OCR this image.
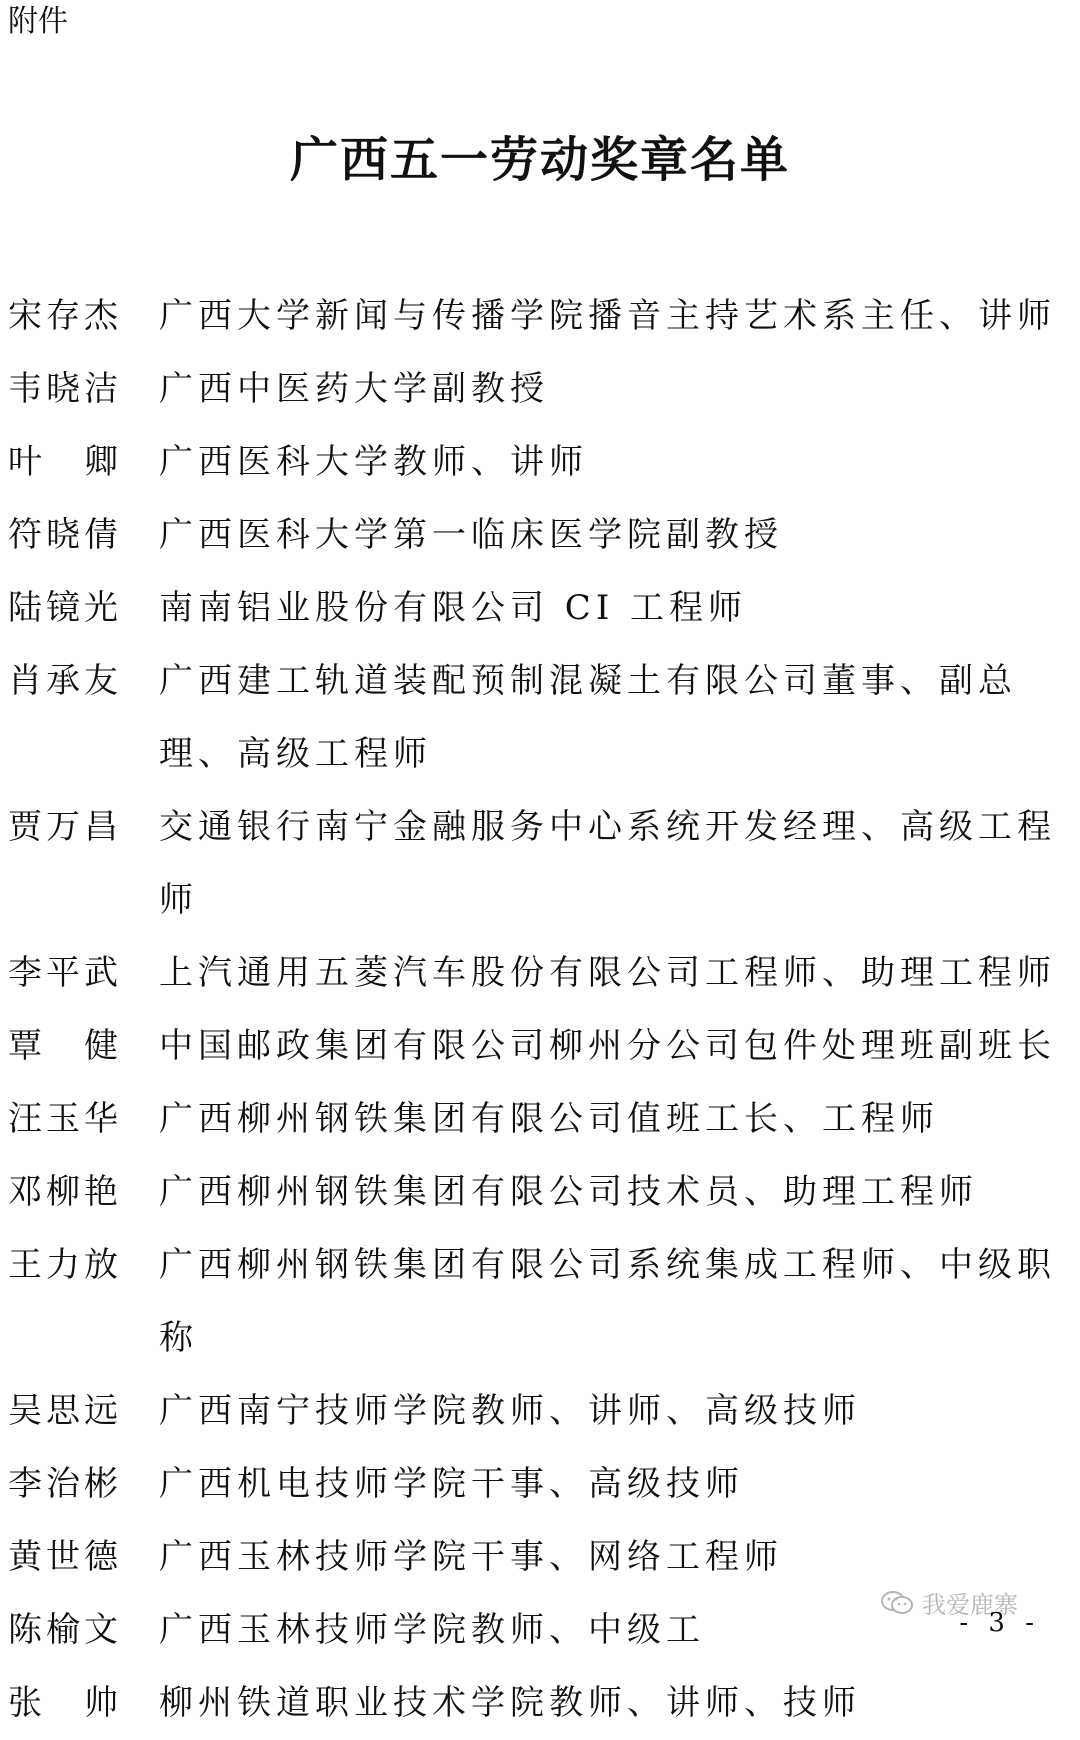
附件
广西五一劳动奖章名单
宋存杰	广西大学新闻与传播学院播音主持艺术系主任、讲师
韦晓洁	广西中医药大学副教授
叶 卿	广西医科大学教师、讲师
符晓倩	广西医科大学第一临床医学院副教授
陆镜光	南南铝业股份有限公司 CI 工程师
肖承友	广西建工轨道装配预制混凝土有限公司董事、副总理、高级工程师
贾万昌	交通银行南宁金融服务中心系统开发经理、高级工程师
李平武	上汽通用五菱汽车股份有限公司工程师、助理工程师
覃 健	中国邮政集团有限公司柳州分公司包件处理班副班长
汪玉华	广西柳州钢铁集团有限公司值班工长、工程师
邓柳艳	广西柳州钢铁集团有限公司技术员、助理工程师
王力放	广西柳州钢铁集团有限公司系统集成工程师、中级职称
吴思远	广西南宁技师学院教师、讲师、高级技师
李治彬	广西机电技师学院干事、高级技师
黄世德	广西玉林技师学院干事、网络工程师
陈榆文	广西玉林技师学院教师、中级工
张 帅	柳州铁道职业技术学院教师、讲师、技师
我爱鹿寨
- 3 -
